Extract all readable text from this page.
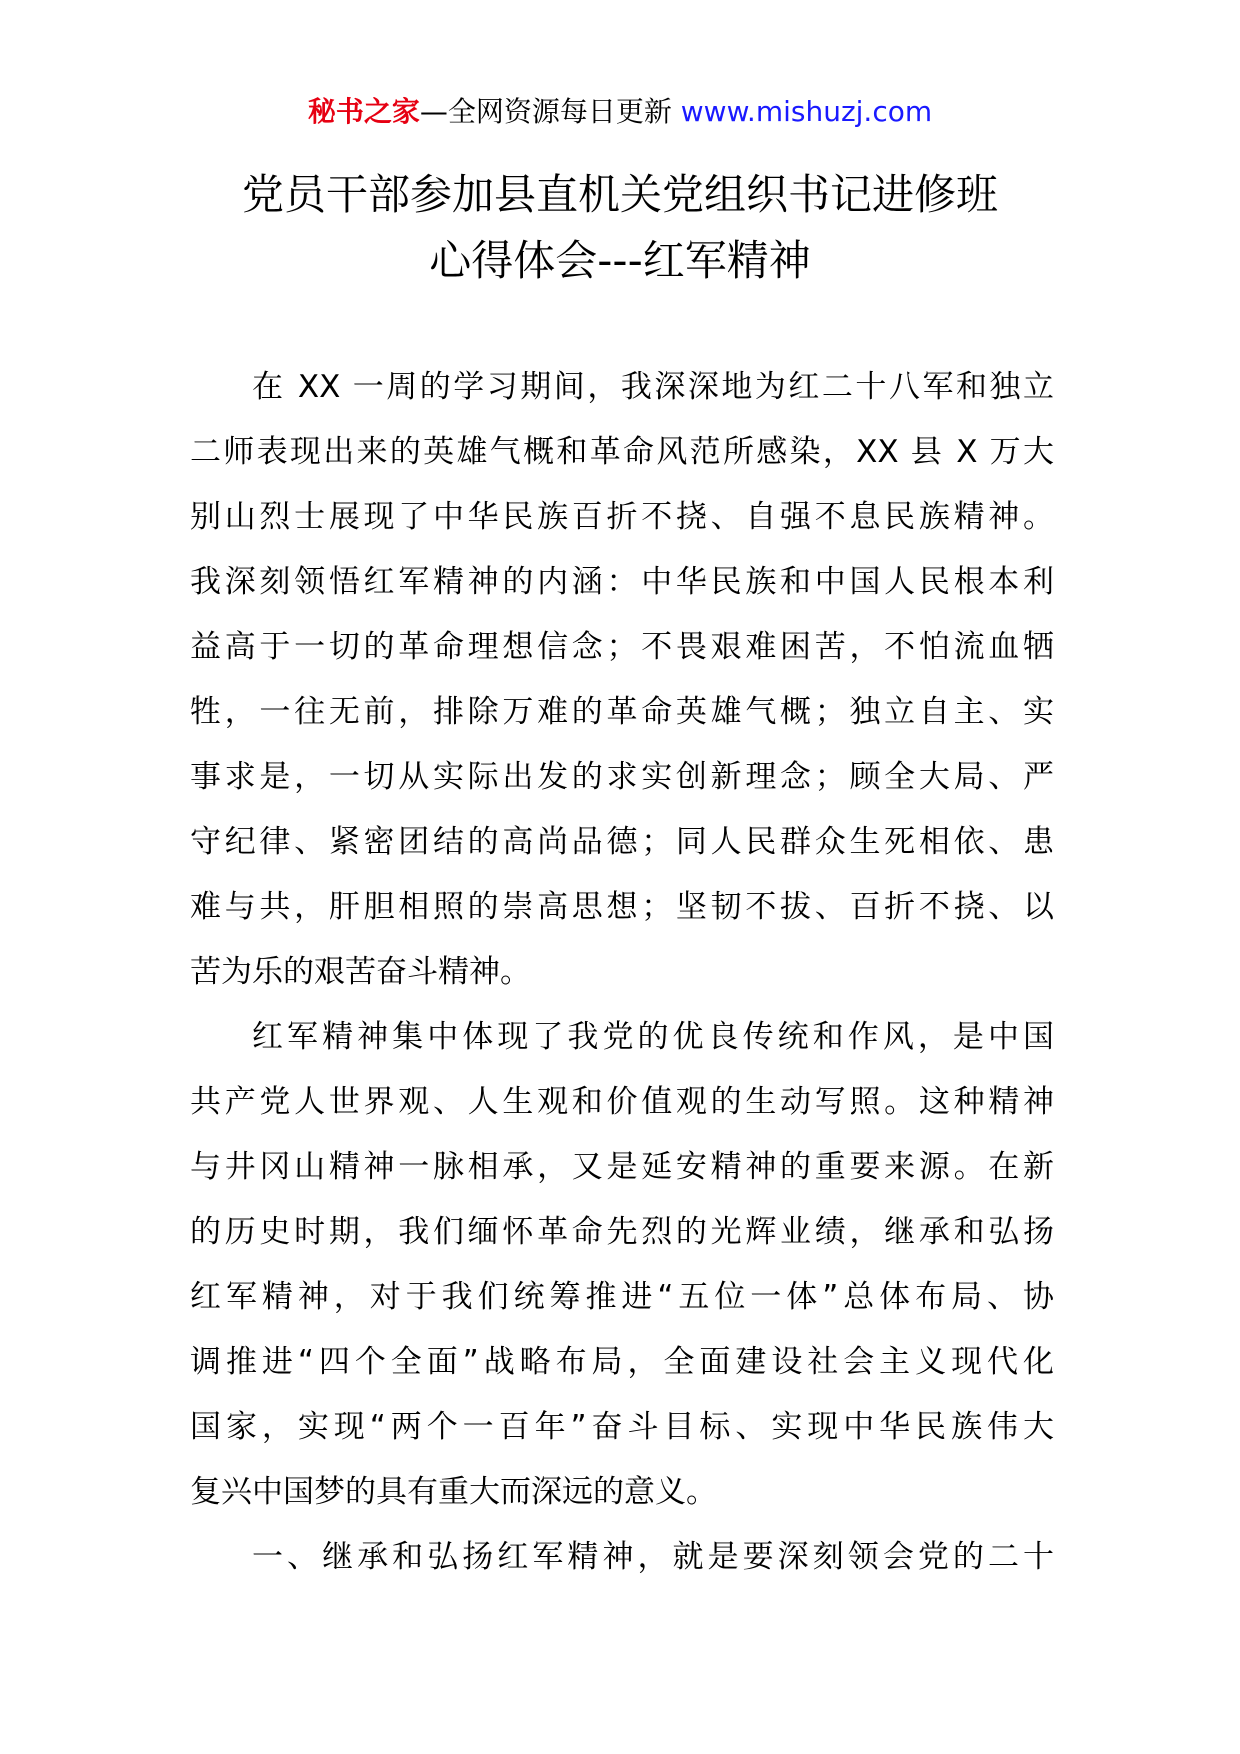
秘书之家—全网资源每日更新 www.mishuzj.com
党员干部参加县直机关党组织书记进修班
心得体会---红军精神

在 XX 一周的学习期间，我深深地为红二十八军和独立
二师表现出来的英雄气概和革命风范所感染，XX 县 X 万大
别山烈士展现了中华民族百折不挠、自强不息民族精神。
我深刻领悟红军精神的内涵：中华民族和中国人民根本利
益高于一切的革命理想信念；不畏艰难困苦，不怕流血牺
牲，一往无前，排除万难的革命英雄气概；独立自主、实
事求是，一切从实际出发的求实创新理念；顾全大局、严
守纪律、紧密团结的高尚品德；同人民群众生死相依、患
难与共，肝胆相照的崇高思想；坚韧不拔、百折不挠、以
苦为乐的艰苦奋斗精神。

红军精神集中体现了我党的优良传统和作风，是中国
共产党人世界观、人生观和价值观的生动写照。这种精神
与井冈山精神一脉相承，又是延安精神的重要来源。在新
的历史时期，我们缅怀革命先烈的光辉业绩，继承和弘扬
红军精神，对于我们统筹推进“五位一体”总体布局、协
调推进“四个全面”战略布局，全面建设社会主义现代化
国家，实现“两个一百年”奋斗目标、实现中华民族伟大
复兴中国梦的具有重大而深远的意义。

一、继承和弘扬红军精神，就是要深刻领会党的二十
